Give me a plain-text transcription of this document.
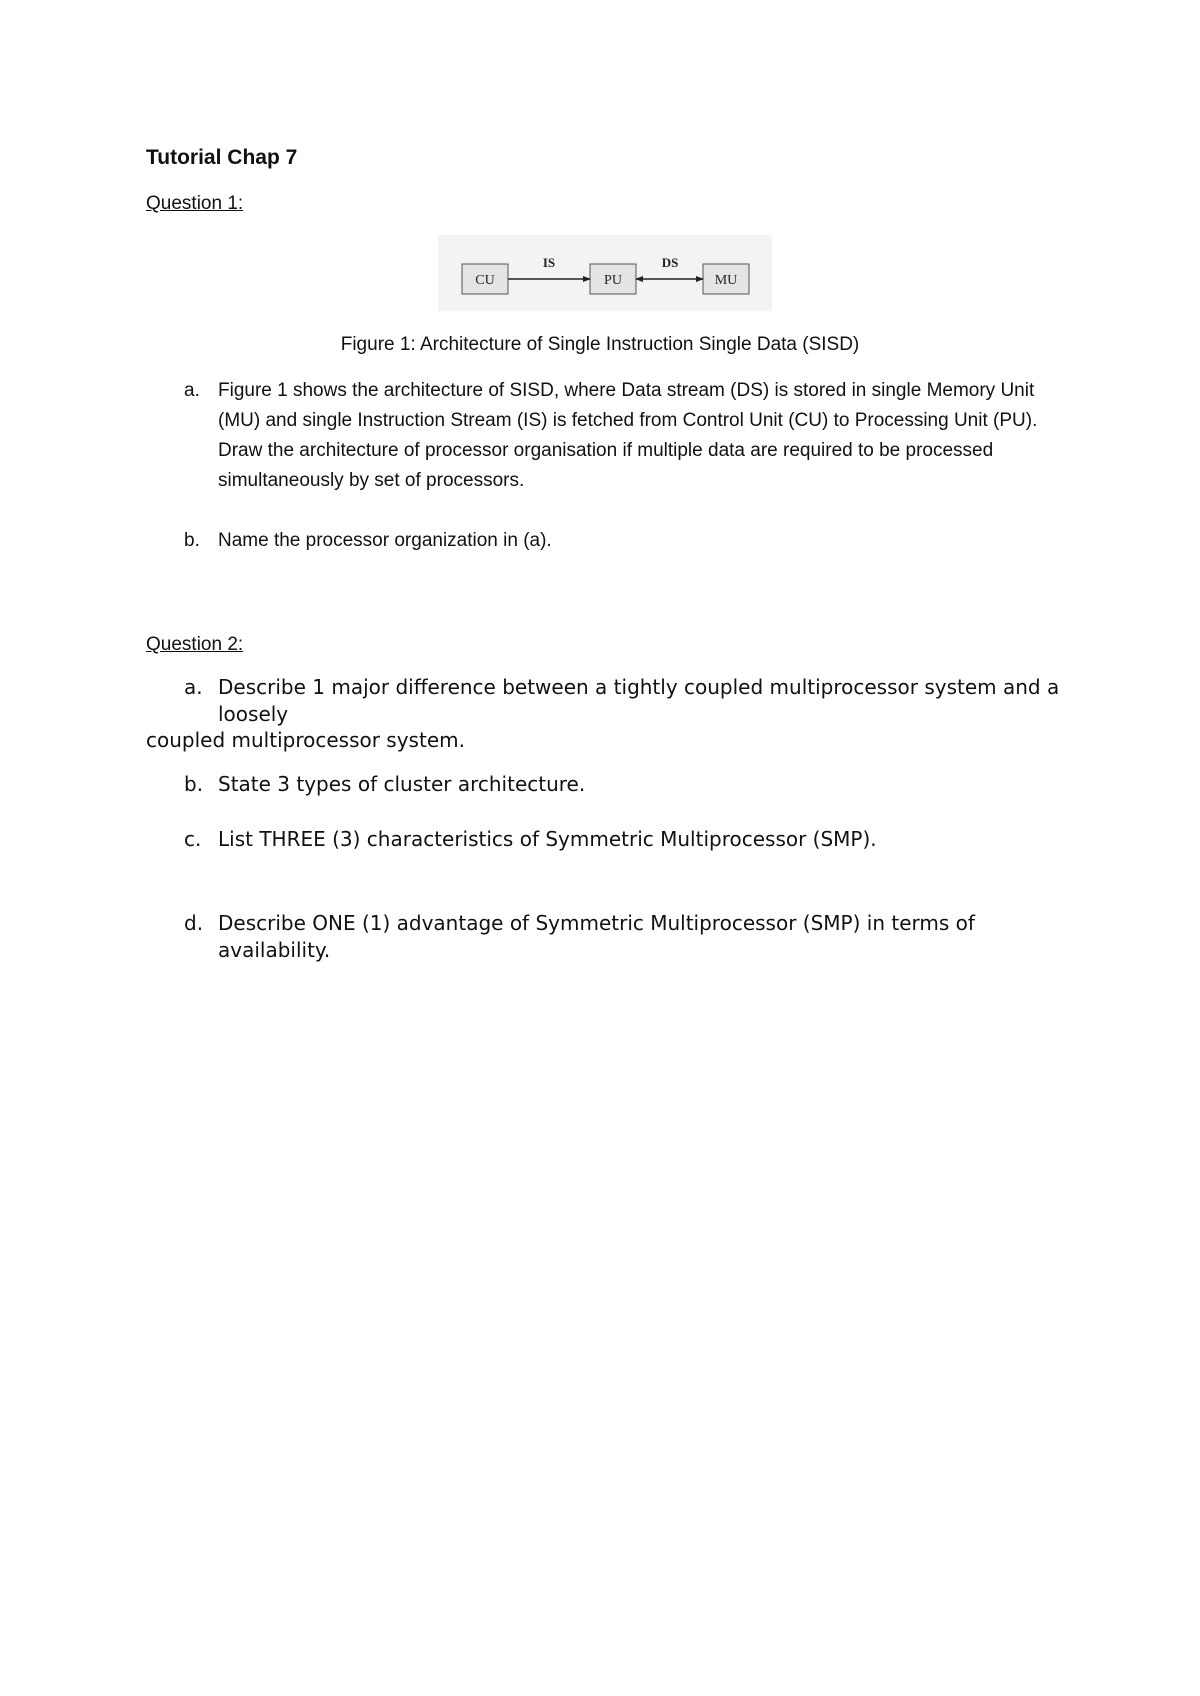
Tutorial Chap 7

Question 1:

CU	PU	MU
IS	DS

Figure 1: Architecture of Single Instruction Single Data (SISD)

a. Figure 1 shows the architecture of SISD, where Data stream (DS) is stored in single Memory Unit (MU) and single Instruction Stream (IS) is fetched from Control Unit (CU) to Processing Unit (PU). Draw the architecture of processor organisation if multiple data are required to be processed simultaneously by set of processors.
b. Name the processor organization in (a).

Question 2:

a. Describe 1 major difference between a tightly coupled multiprocessor system and a loosely

coupled multiprocessor system.

b. State 3 types of cluster architecture.
c. List THREE (3) characteristics of Symmetric Multiprocessor (SMP).
d. Describe ONE (1) advantage of Symmetric Multiprocessor (SMP) in terms of availability.
